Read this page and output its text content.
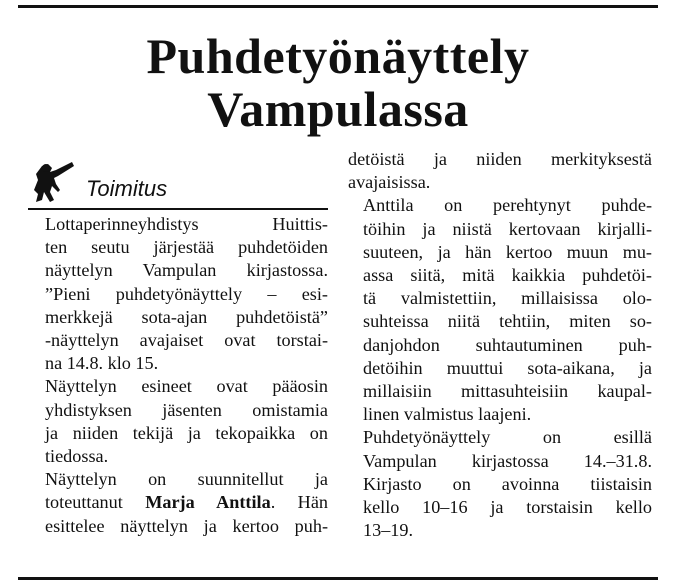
Puhdetyönäyttely
Vampulassa
Toimitus

Lottaperinneyhdistys Huittis-
ten seutu järjestää puhdetöiden
näyttelyn Vampulan kirjastossa.
”Pieni puhdetyönäyttely – esi-
merkkejä sota-ajan puhdetöistä”
-näyttelyn avajaiset ovat torstai-
na 14.8. klo 15.

Näyttelyn esineet ovat pääosin
yhdistyksen jäsenten omistamia
ja niiden tekijä ja tekopaikka on
tiedossa.

Näyttelyn on suunnitellut ja
toteuttanut Marja Anttila. Hän
esittelee näyttelyn ja kertoo puh-

detöistä ja niiden merkityksestä
avajaisissa.

Anttila on perehtynyt puhde-
töihin ja niistä kertovaan kirjalli-
suuteen, ja hän kertoo muun mu-
assa siitä, mitä kaikkia puhdetöi-
tä valmistettiin, millaisissa olo-
suhteissa niitä tehtiin, miten so-
danjohdon suhtautuminen puh-
detöihin muuttui sota-aikana, ja
millaisiin mittasuhteisiin kaupal-
linen valmistus laajeni.

Puhdetyönäyttely on esillä
Vampulan kirjastossa 14.–31.8.
Kirjasto on avoinna tiistaisin
kello 10–16 ja torstaisin kello
13–19.
